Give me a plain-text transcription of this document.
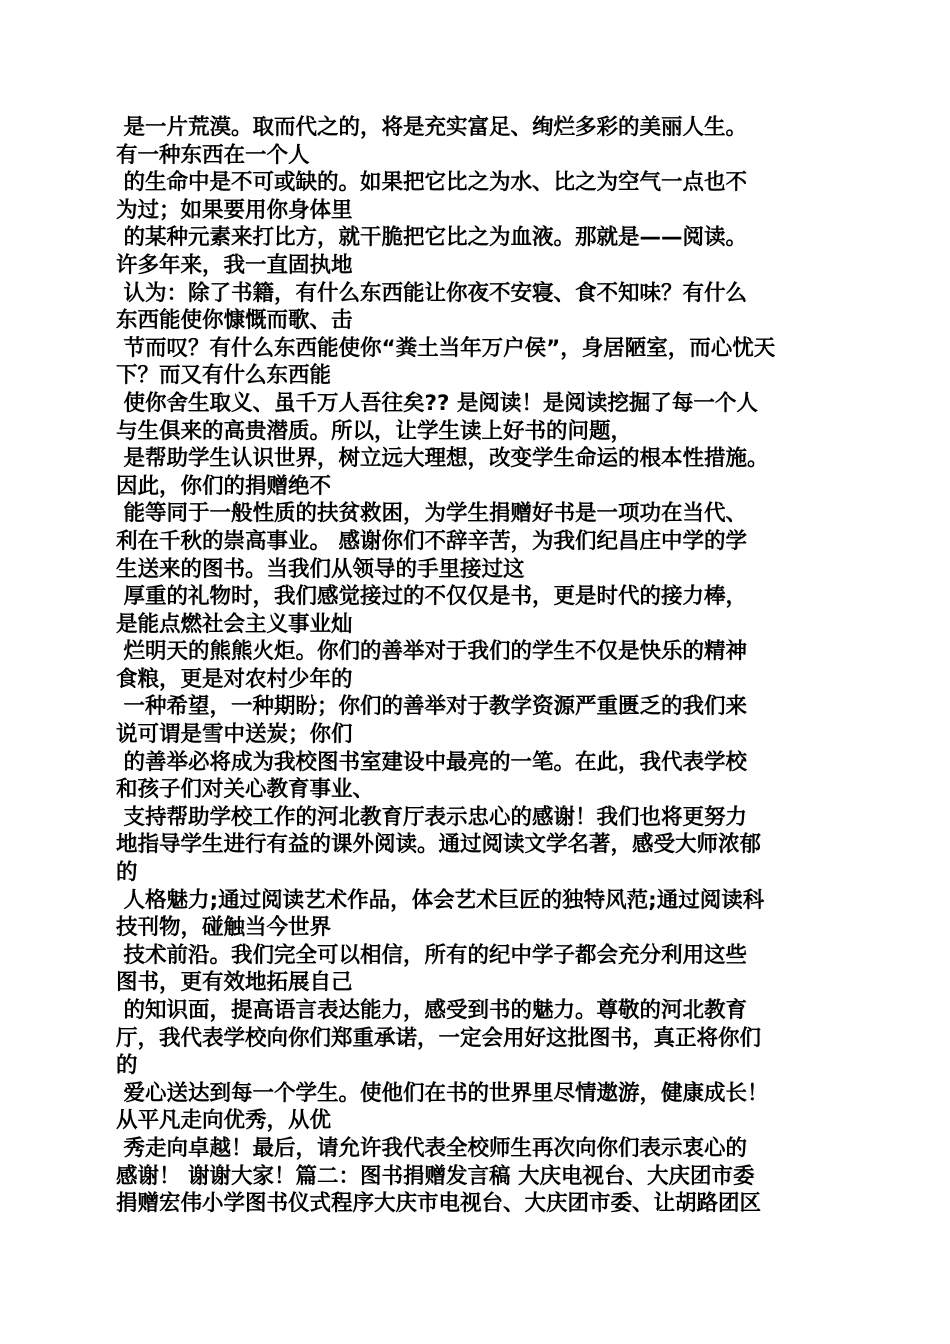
是一片荒漠。取而代之的，将是充实富足、绚烂多彩的美丽人生。
有一种东西在一个人
的生命中是不可或缺的。如果把它比之为水、比之为空气一点也不
为过；如果要用你身体里
的某种元素来打比方，就干脆把它比之为血液。那就是——阅读。
许多年来，我一直固执地
认为：除了书籍，有什么东西能让你夜不安寝、食不知味？有什么
东西能使你慷慨而歌、击
节而叹？有什么东西能使你“粪土当年万户侯”，身居陋室，而心忧天
下？而又有什么东西能
使你舍生取义、虽千万人吾往矣?? 是阅读！是阅读挖掘了每一个人
与生俱来的高贵潜质。所以，让学生读上好书的问题，
是帮助学生认识世界，树立远大理想，改变学生命运的根本性措施。
因此，你们的捐赠绝不
能等同于一般性质的扶贫救困，为学生捐赠好书是一项功在当代、
利在千秋的崇高事业。 感谢你们不辞辛苦，为我们纪昌庄中学的学
生送来的图书。当我们从领导的手里接过这
厚重的礼物时，我们感觉接过的不仅仅是书，更是时代的接力棒，
是能点燃社会主义事业灿
烂明天的熊熊火炬。你们的善举对于我们的学生不仅是快乐的精神
食粮，更是对农村少年的
一种希望，一种期盼；你们的善举对于教学资源严重匮乏的我们来
说可谓是雪中送炭；你们
的善举必将成为我校图书室建设中最亮的一笔。在此，我代表学校
和孩子们对关心教育事业、
支持帮助学校工作的河北教育厅表示忠心的感谢！我们也将更努力
地指导学生进行有益的课外阅读。通过阅读文学名著，感受大师浓郁
的
人格魅力;通过阅读艺术作品，体会艺术巨匠的独特风范;通过阅读科
技刊物，碰触当今世界
技术前沿。我们完全可以相信，所有的纪中学子都会充分利用这些
图书，更有效地拓展自己
的知识面，提高语言表达能力，感受到书的魅力。尊敬的河北教育
厅，我代表学校向你们郑重承诺，一定会用好这批图书，真正将你们
的
爱心送达到每一个学生。使他们在书的世界里尽情遨游，健康成长！
从平凡走向优秀，从优
秀走向卓越！最后，请允许我代表全校师生再次向你们表示衷心的
感谢！ 谢谢大家！篇二：图书捐赠发言稿 大庆电视台、大庆团市委
捐赠宏伟小学图书仪式程序大庆市电视台、大庆团市委、让胡路团区
